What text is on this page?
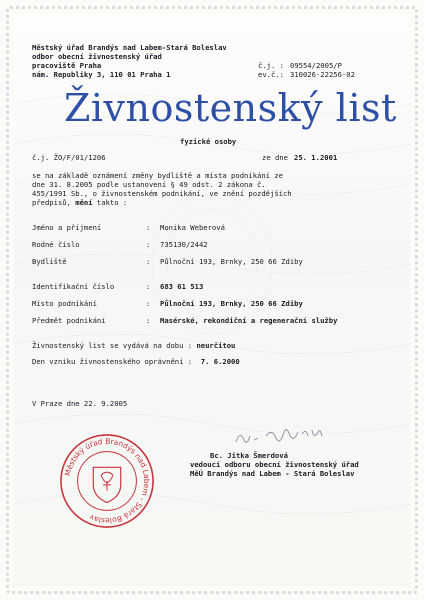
Městský úřad Brandýs nad Labem-Stará Boleslav
odbor obecní živnostenský úřad
pracoviště Praha
nám. Republiky 3, 110 01 Praha 1
č.j. : 09554/2005/P
ev.č.: 310026-22256-02
Živnostenský list
fyzické osoby
č.j. ŽO/F/01/1206	ze dne 25. 1.2001
se na základě oznámení změny bydliště a místa podnikání ze
dne 31. 8.2005 podle ustanovení § 49 odst. 2 zákona č.
455/1991 Sb., o živnostenském podnikání, ve znění pozdějších
předpisů, mění takto :
Jméno a příjmení	: Monika Weberová
Rodné číslo	: 735130/2442
Bydliště	: Půlnoční 193, Brnky, 250 66 Zdiby
Identifikační číslo	: 683 61 513
Místo podnikání	: Půlnoční 193, Brnky, 250 66 Zdiby
Předmět podnikání	: Masérské, rekondiční a regenerační služby
Živnostenský list se vydává na dobu : neurčitou
Den vzniku živnostenského oprávnění : 7. 6.2000
V Praze dne 22. 9.2005
Bc. Jitka Šmerdová
vedoucí odboru obecní živnostenský úřad
MěÚ Brandýs nad Labem - Stará Boleslav
Městský úřad Brandýs nad Labem - Stará Boleslav
